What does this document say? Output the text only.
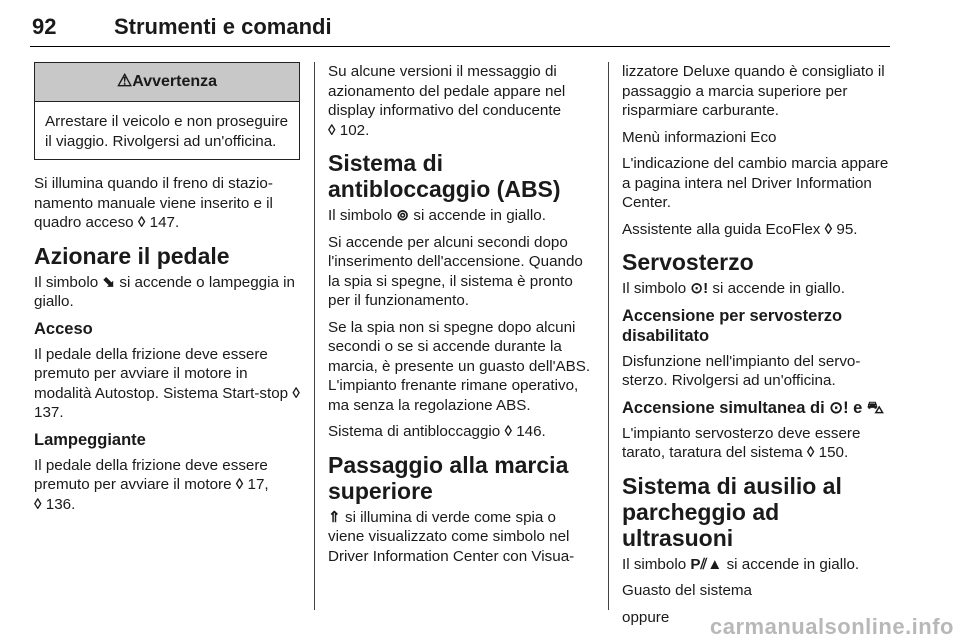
92	Strumenti e comandi
⚠Avvertenza

Arrestare il veicolo e non proseguire il viaggio. Rivolgersi ad un'officina.

Si illumina quando il freno di stazionamento manuale viene inserito e il quadro acceso ◊ 147.

Azionare il pedale

Il simbolo ⬊ si accende o lampeggia in giallo.

Acceso

Il pedale della frizione deve essere premuto per avviare il motore in modalità Autostop. Sistema Start-stop ◊ 137.

Lampeggiante

Il pedale della frizione deve essere premuto per avviare il motore ◊ 17,
◊ 136.

Su alcune versioni il messaggio di azionamento del pedale appare nel display informativo del conducente
◊ 102.

Sistema di antibloccaggio (ABS)

Il simbolo ⊚ si accende in giallo.

Si accende per alcuni secondi dopo l'inserimento dell'accensione. Quando la spia si spegne, il sistema è pronto per il funzionamento.

Se la spia non si spegne dopo alcuni secondi o se si accende durante la marcia, è presente un guasto dell'ABS. L'impianto frenante rimane operativo, ma senza la regolazione ABS.

Sistema di antibloccaggio ◊ 146.

Passaggio alla marcia superiore

⇑ si illumina di verde come spia o viene visualizzato come simbolo nel Driver Information Center con Visua-

lizzatore Deluxe quando è consigliato il passaggio a marcia superiore per risparmiare carburante.

Menù informazioni Eco

L'indicazione del cambio marcia appare a pagina intera nel Driver Information Center.

Assistente alla guida EcoFlex ◊ 95.

Servosterzo

Il simbolo ⊙! si accende in giallo.

Accensione per servosterzo disabilitato

Disfunzione nell'impianto del servosterzo. Rivolgersi ad un'officina.

Accensione simultanea di ⊙! e ⛍

L'impianto servosterzo deve essere tarato, taratura del sistema ◊ 150.

Sistema di ausilio al parcheggio ad ultrasuoni

Il simbolo P⫽▲ si accende in giallo.

Guasto del sistema

oppure	carmanualsonline.info
